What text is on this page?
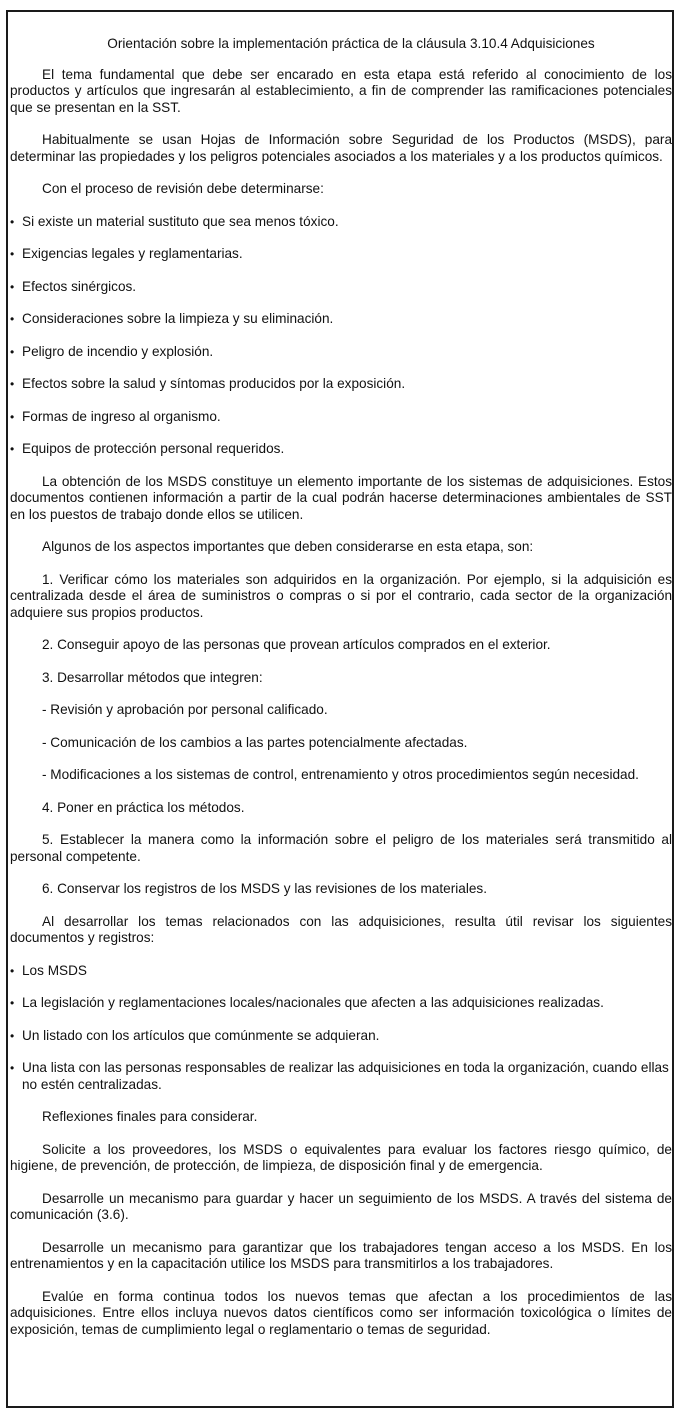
Orientación sobre la implementación práctica de la cláusula 3.10.4 Adquisiciones
El tema fundamental que debe ser encarado en esta etapa está referido al conocimiento de los productos y artículos que ingresarán al establecimiento, a fin de comprender las ramificaciones potenciales que se presentan en la SST.
Habitualmente se usan Hojas de Información sobre Seguridad de los Productos (MSDS), para determinar las propiedades y los peligros potenciales asociados a los materiales y a los productos químicos.
Con el proceso de revisión debe determinarse:
• Si existe un material sustituto que sea menos tóxico.
• Exigencias legales y reglamentarias.
• Efectos sinérgicos.
• Consideraciones sobre la limpieza y su eliminación.
• Peligro de incendio y explosión.
• Efectos sobre la salud y síntomas producidos por la exposición.
• Formas de ingreso al organismo.
• Equipos de protección personal requeridos.
La obtención de los MSDS constituye un elemento importante de los sistemas de adquisiciones. Estos documentos contienen información a partir de la cual podrán hacerse determinaciones ambientales de SST en los puestos de trabajo donde ellos se utilicen.
Algunos de los aspectos importantes que deben considerarse en esta etapa, son:
1. Verificar cómo los materiales son adquiridos en la organización. Por ejemplo, si la adquisición es centralizada desde el área de suministros o compras o si por el contrario, cada sector de la organización adquiere sus propios productos.
2. Conseguir apoyo de las personas que provean artículos comprados en el exterior.
3. Desarrollar métodos que integren:
- Revisión y aprobación por personal calificado.
- Comunicación de los cambios a las partes potencialmente afectadas.
- Modificaciones a los sistemas de control, entrenamiento y otros procedimientos según necesidad.
4. Poner en práctica los métodos.
5. Establecer la manera como la información sobre el peligro de los materiales será transmitido al personal competente.
6. Conservar los registros de los MSDS y las revisiones de los materiales.
Al desarrollar los temas relacionados con las adquisiciones, resulta útil revisar los siguientes documentos y registros:
• Los MSDS
• La legislación y reglamentaciones locales/nacionales que afecten a las adquisiciones realizadas.
• Un listado con los artículos que comúnmente se adquieran.
• Una lista con las personas responsables de realizar las adquisiciones en toda la organización, cuando ellas no estén centralizadas.
Reflexiones finales para considerar.
Solicite a los proveedores, los MSDS o equivalentes para evaluar los factores riesgo químico, de higiene, de prevención, de protección, de limpieza, de disposición final y de emergencia.
Desarrolle un mecanismo para guardar y hacer un seguimiento de los MSDS. A través del sistema de comunicación (3.6).
Desarrolle un mecanismo para garantizar que los trabajadores tengan acceso a los MSDS. En los entrenamientos y en la capacitación utilice los MSDS para transmitirlos a los trabajadores.
Evalúe en forma continua todos los nuevos temas que afectan a los procedimientos de las adquisiciones. Entre ellos incluya nuevos datos científicos como ser información toxicológica o límites de exposición, temas de cumplimiento legal o reglamentario o temas de seguridad.
